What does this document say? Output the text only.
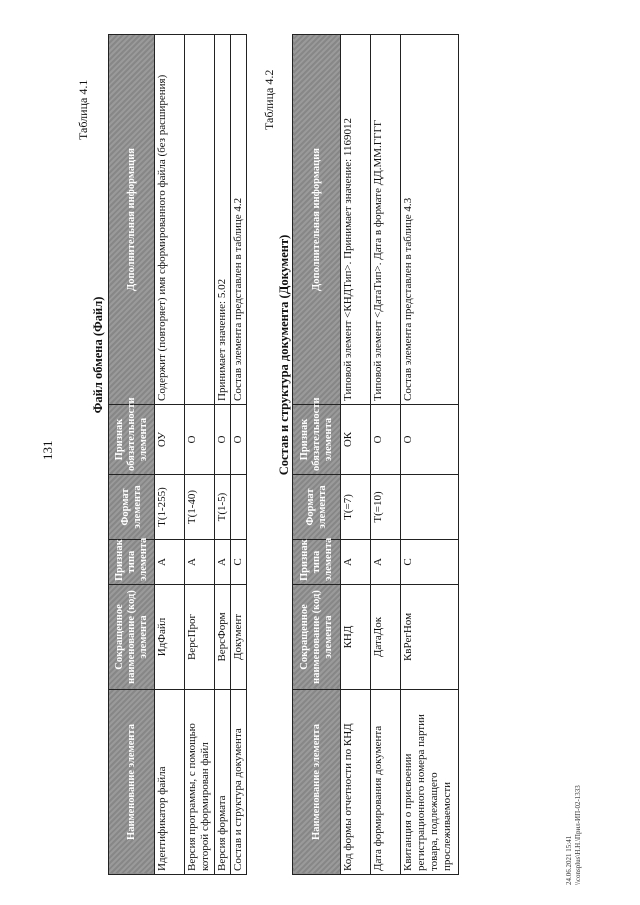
131
Таблица 4.1
Файл обмена (Файл)
Наименование элемента	Сокращенное наименование (код) элемента	Признак типа элемента	Формат элемента	Признак обязательности элемента	Дополнительная информация
Идентификатор файла	ИдФайл	А	T(1-255)	ОУ	Содержит (повторяет) имя сформированного файла (без расширения)
Версия программы, с помощью которой сформирован файл	ВерсПрог	А	T(1-40)	О	
Версия формата	ВерсФорм	А	T(1-5)	О	Принимает значение: 5.02
Состав и структура документа	Документ	С		О	Состав элемента представлен в таблице 4.2
Таблица 4.2
Состав и структура документа (Документ)
Наименование элемента	Сокращенное наименование (код) элемента	Признак типа элемента	Формат элемента	Признак обязательности элемента	Дополнительная информация
Код формы отчетности по КНД	КНД	А	T(=7)	ОК	Типовой элемент <КНДТип>. Принимает значение: 1169012
Дата формирования документа	ДатаДок	А	T(=10)	О	Типовой элемент <ДатаТип>. Дата в формате ДД.ММ.ГГГГ
Квитанция о присвоении регистрационного номера партии товара, подлежащего прослеживаемости	КвРегНом	С		О	Состав элемента представлен в таблице 4.3
24.06.2021 15:41 \\consplus\Н.Н.\Прил-ИП-02-1333
